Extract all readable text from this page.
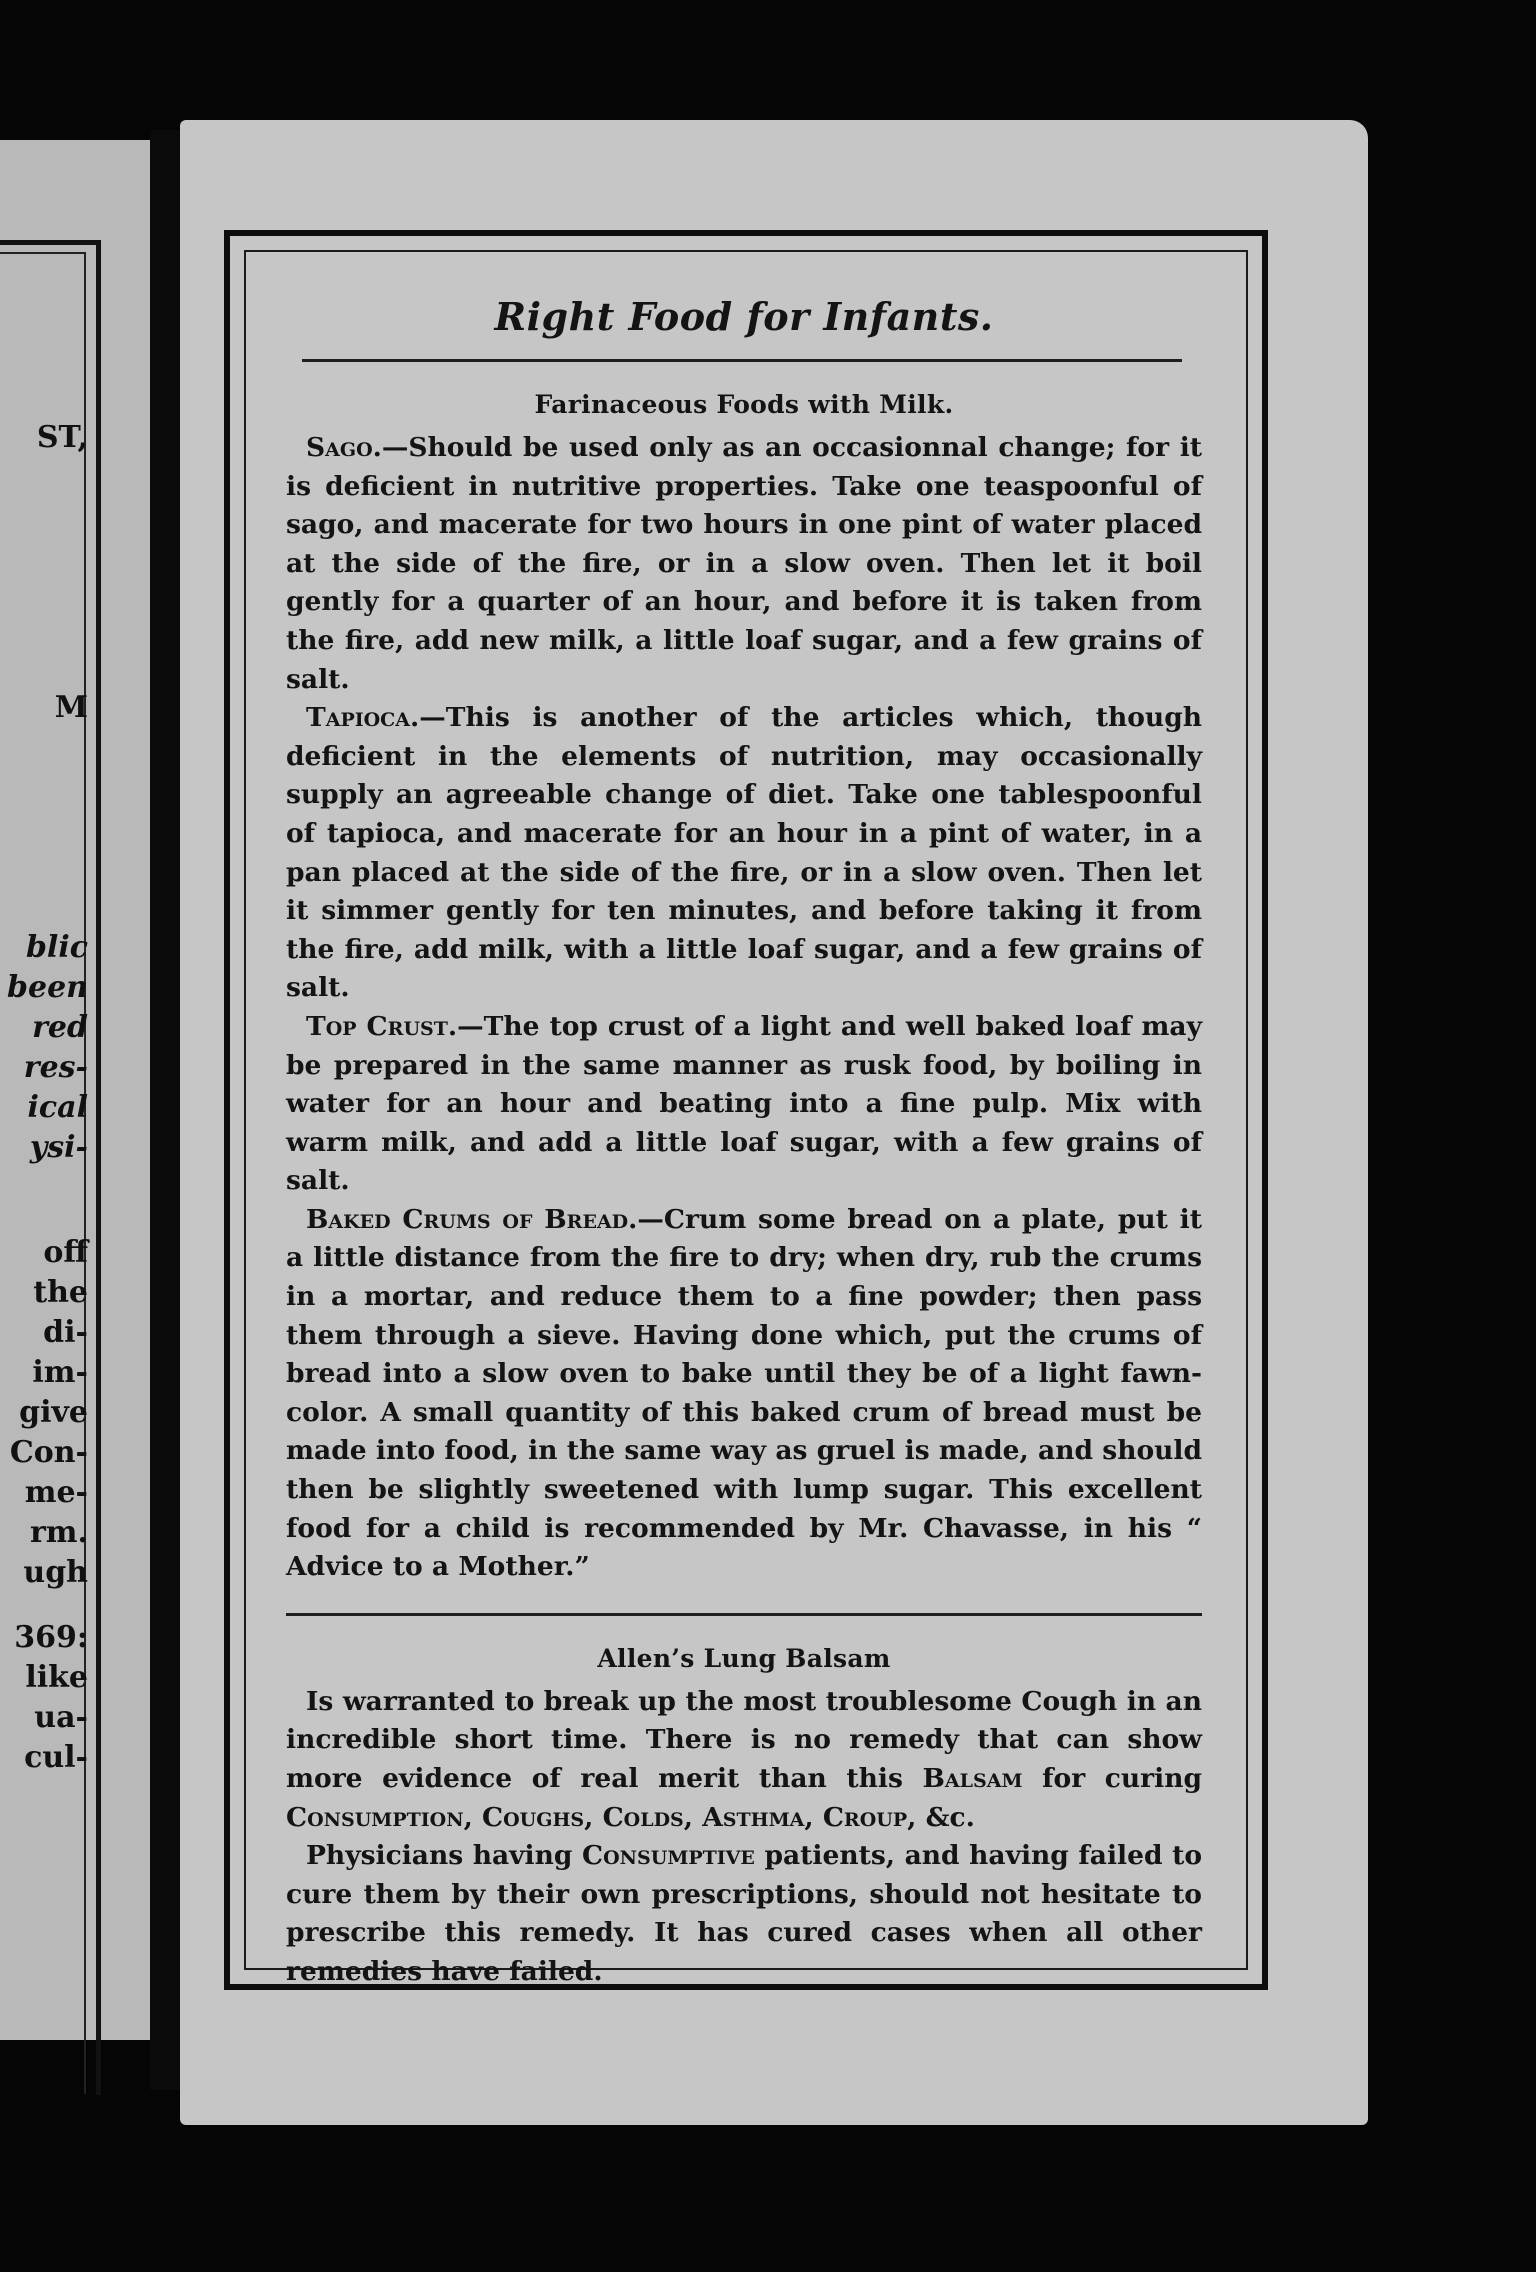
ST,
M
blic
been
red
res-
ical
ysi-
off
the
di-
im-
give
Con-
me-
rm.
ugh
369:
like
ua-
cul-
Right Food for Infants.
Farinaceous Foods with Milk.

Sago.—Should be used only as an occasionnal change; for it is deficient in nutritive properties. Take one teaspoonful of sago, and macerate for two hours in one pint of water placed at the side of the fire, or in a slow oven. Then let it boil gently for a quarter of an hour, and before it is taken from the fire, add new milk, a little loaf sugar, and a few grains of salt.

Tapioca.—This is another of the articles which, though deficient in the elements of nutrition, may occasionally supply an agreeable change of diet. Take one tablespoonful of tapioca, and macerate for an hour in a pint of water, in a pan placed at the side of the fire, or in a slow oven. Then let it simmer gently for ten minutes, and before taking it from the fire, add milk, with a little loaf sugar, and a few grains of salt.

Top Crust.—The top crust of a light and well baked loaf may be prepared in the same manner as rusk food, by boiling in water for an hour and beating into a fine pulp. Mix with warm milk, and add a little loaf sugar, with a few grains of salt.

Baked Crums of Bread.—Crum some bread on a plate, put it a little distance from the fire to dry; when dry, rub the crums in a mortar, and reduce them to a fine powder; then pass them through a sieve. Having done which, put the crums of bread into a slow oven to bake until they be of a light fawn-color. A small quantity of this baked crum of bread must be made into food, in the same way as gruel is made, and should then be slightly sweetened with lump sugar. This excellent food for a child is recommended by Mr. Chavasse, in his “ Advice to a Mother.”

Allen’s Lung Balsam

Is warranted to break up the most troublesome Cough in an incredible short time. There is no remedy that can show more evidence of real merit than this Balsam for curing Consumption, Coughs, Colds, Asthma, Croup, &c.

Physicians having Consumptive patients, and having failed to cure them by their own prescriptions, should not hesitate to prescribe this remedy. It has cured cases when all other remedies have failed.
